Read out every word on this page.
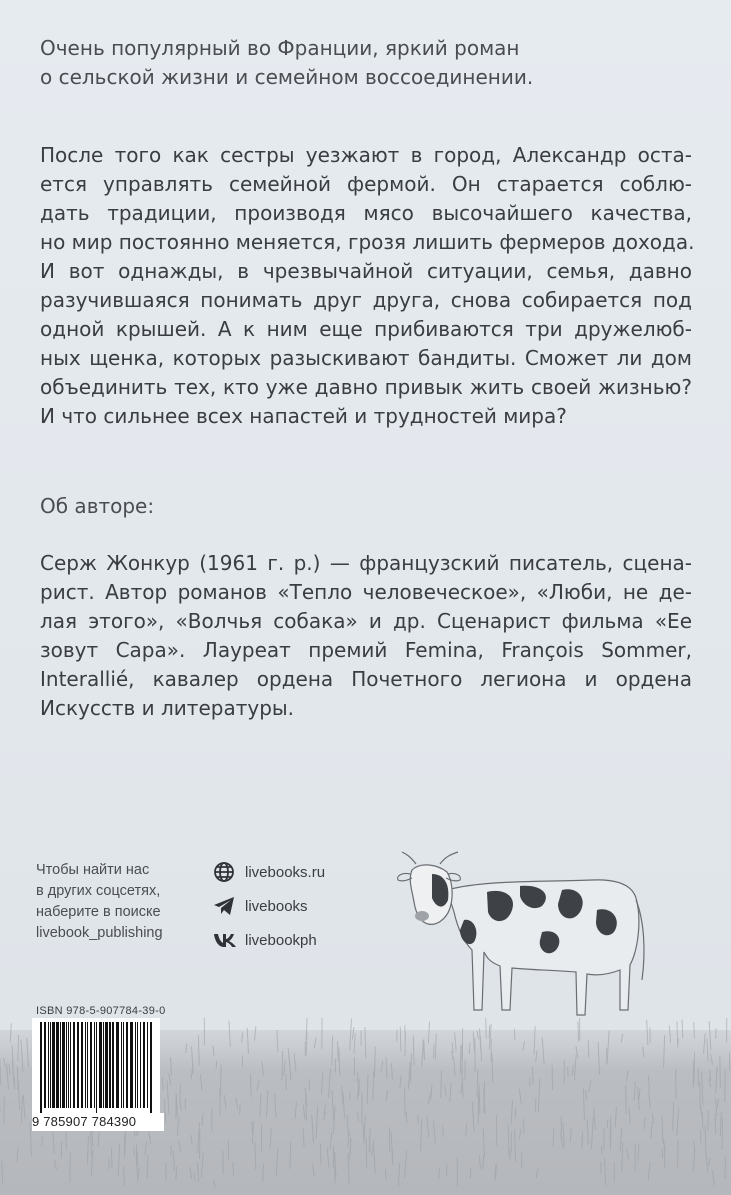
Очень популярный во Франции, яркий роман
о сельской жизни и семейном воссоединении.
После того как сестры уезжают в город, Александр оста-
ется управлять семейной фермой. Он старается соблю-
дать традиции, производя мясо высочайшего качества,
но мир постоянно меняется, грозя лишить фермеров дохода.
И вот однажды, в чрезвычайной ситуации, семья, давно
разучившаяся понимать друг друга, снова собирается под
одной крышей. А к ним еще прибиваются три дружелюб-
ных щенка, которых разыскивают бандиты. Сможет ли дом
объединить тех, кто уже давно привык жить своей жизнью?
И что сильнее всех напастей и трудностей мира?
Об авторе:
Серж Жонкур (1961 г. р.) — французский писатель, сцена-
рист. Автор романов «Тепло человеческое», «Люби, не де-
лая этого», «Волчья собака» и др. Сценарист фильма «Ее
зовут Сара». Лауреат премий Femina, François Sommer,
Interallié, кавалер ордена Почетного легиона и ордена
Искусств и литературы.
Чтобы найти нас
в других соцсетях,
наберите в поиске
livebook_publishing
livebooks.ru
livebooks
livebookph
ISBN 978-5-907784-39-0
9 785907 784390
